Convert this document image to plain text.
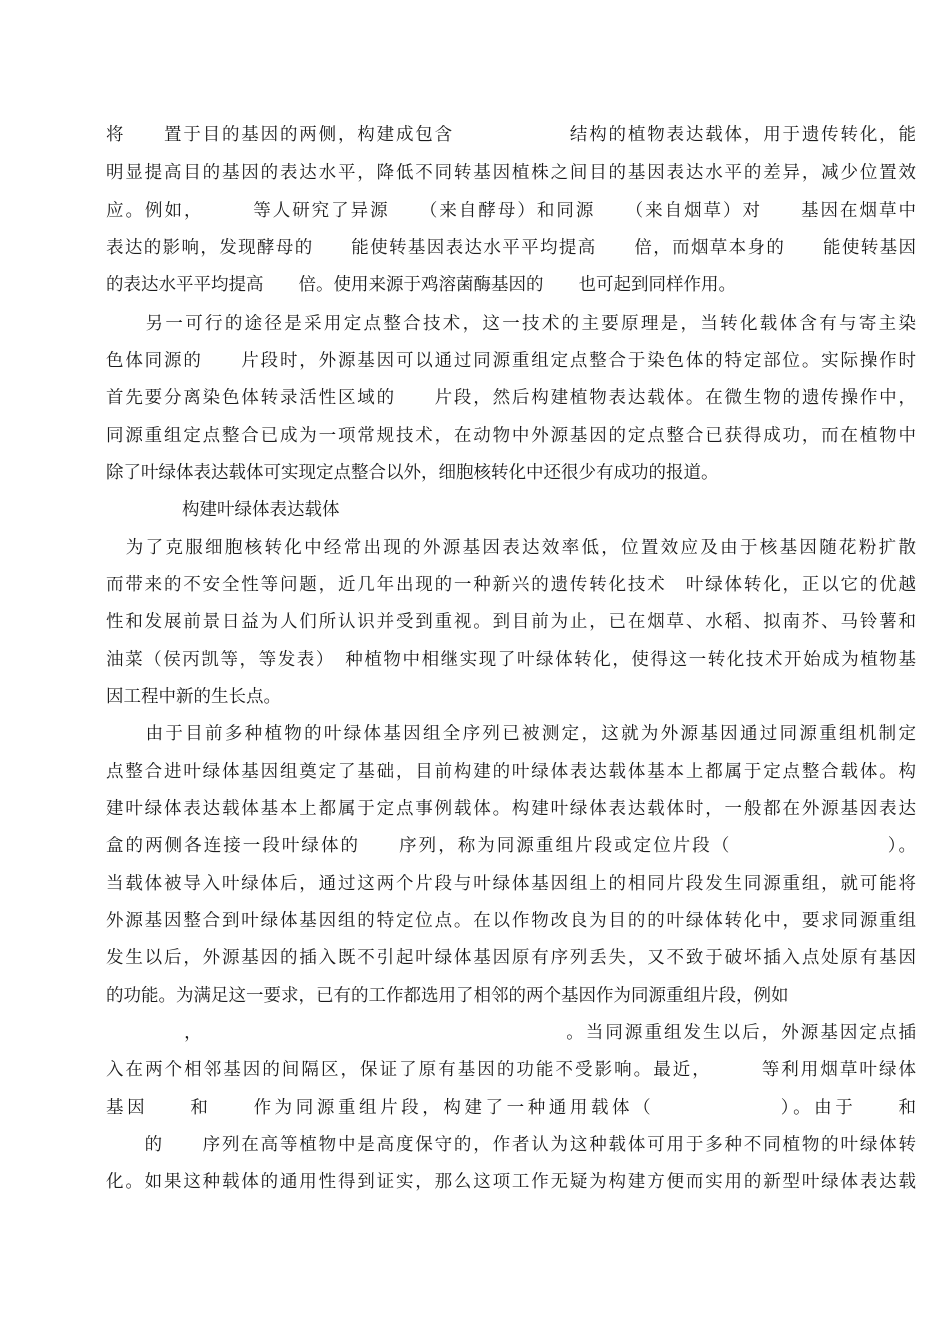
将　　置于目的基因的两侧，构建成包含　　　　　　结构的植物表达载体，用于遗传转化，能
明显提高目的基因的表达水平，降低不同转基因植株之间目的基因表达水平的差异，减少位置效
应。例如，　　　等人研究了异源　　（来自酵母）和同源　　（来自烟草）对　　基因在烟草中
表达的影响，发现酵母的　　能使转基因表达水平平均提高　　倍，而烟草本身的　　能使转基因
的表达水平平均提高　　倍。使用来源于鸡溶菌酶基因的　　也可起到同样作用。
　　另一可行的途径是采用定点整合技术，这一技术的主要原理是，当转化载体含有与寄主染
色体同源的　　片段时，外源基因可以通过同源重组定点整合于染色体的特定部位。实际操作时
首先要分离染色体转录活性区域的　　片段，然后构建植物表达载体。在微生物的遗传操作中，
同源重组定点整合已成为一项常规技术，在动物中外源基因的定点整合已获得成功，而在植物中
除了叶绿体表达载体可实现定点整合以外，细胞核转化中还很少有成功的报道。
构建叶绿体表达载体
　为了克服细胞核转化中经常出现的外源基因表达效率低，位置效应及由于核基因随花粉扩散
而带来的不安全性等问题，近几年出现的一种新兴的遗传转化技术　叶绿体转化，正以它的优越
性和发展前景日益为人们所认识并受到重视。到目前为止，已在烟草、水稻、拟南芥、马铃薯和
油菜（侯丙凯等，等发表）　种植物中相继实现了叶绿体转化，使得这一转化技术开始成为植物基
因工程中新的生长点。
　　由于目前多种植物的叶绿体基因组全序列已被测定，这就为外源基因通过同源重组机制定
点整合进叶绿体基因组奠定了基础，目前构建的叶绿体表达载体基本上都属于定点整合载体。构
建叶绿体表达载体基本上都属于定点事例载体。构建叶绿体表达载体时，一般都在外源基因表达
盒的两侧各连接一段叶绿体的　　序列，称为同源重组片段或定位片段（　　　　　　　　）。
当载体被导入叶绿体后，通过这两个片段与叶绿体基因组上的相同片段发生同源重组，就可能将
外源基因整合到叶绿体基因组的特定位点。在以作物改良为目的的叶绿体转化中，要求同源重组
发生以后，外源基因的插入既不引起叶绿体基因原有序列丢失，又不致于破坏插入点处原有基因
的功能。为满足这一要求，已有的工作都选用了相邻的两个基因作为同源重组片段，例如
　　　　，　　　　　　　　　　　　　　　　　　　。当同源重组发生以后，外源基因定点插
入在两个相邻基因的间隔区，保证了原有基因的功能不受影响。最近，　　　等利用烟草叶绿体
基因　　和　　作为同源重组片段，构建了一种通用载体（　　　　　　）。由于　　和
　　的　　序列在高等植物中是高度保守的，作者认为这种载体可用于多种不同植物的叶绿体转
化。如果这种载体的通用性得到证实，那么这项工作无疑为构建方便而实用的新型叶绿体表达载
